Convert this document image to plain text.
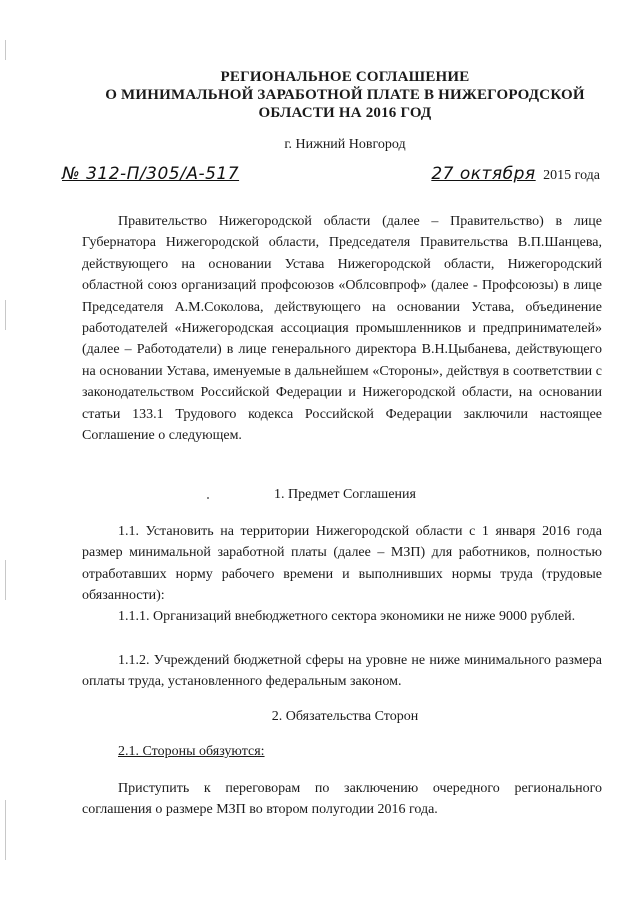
РЕГИОНАЛЬНОЕ СОГЛАШЕНИЕ
О МИНИМАЛЬНОЙ ЗАРАБОТНОЙ ПЛАТЕ В НИЖЕГОРОДСКОЙ
ОБЛАСТИ НА 2016 ГОД
г. Нижний Новгород
№ 312-П/305/А-517	27 октября 2015 года
Правительство Нижегородской области (далее – Правительство) в лице Губернатора Нижегородской области, Председателя Правительства В.П.Шанцева, действующего на основании Устава Нижегородской области, Нижегородский областной союз организаций профсоюзов «Облсовпроф» (далее - Профсоюзы) в лице Председателя А.М.Соколова, действующего на основании Устава, объединение работодателей «Нижегородская ассоциация промышленников и предпринимателей» (далее – Работодатели) в лице генерального директора В.Н.Цыбанева, действующего на основании Устава, именуемые в дальнейшем «Стороны», действуя в соответствии с законодательством Российской Федерации и Нижегородской области, на основании статьи 133.1 Трудового кодекса Российской Федерации заключили настоящее Соглашение о следующем.
1. Предмет Соглашения
1.1. Установить на территории Нижегородской области с 1 января 2016 года размер минимальной заработной платы (далее – МЗП) для работников, полностью отработавших норму рабочего времени и выполнивших нормы труда (трудовые обязанности):
1.1.1. Организаций внебюджетного сектора экономики не ниже 9000 рублей.
1.1.2. Учреждений бюджетной сферы на уровне не ниже минимального размера оплаты труда, установленного федеральным законом.
2. Обязательства Сторон
2.1. Стороны обязуются:
Приступить к переговорам по заключению очередного регионального соглашения о размере МЗП во втором полугодии 2016 года.
